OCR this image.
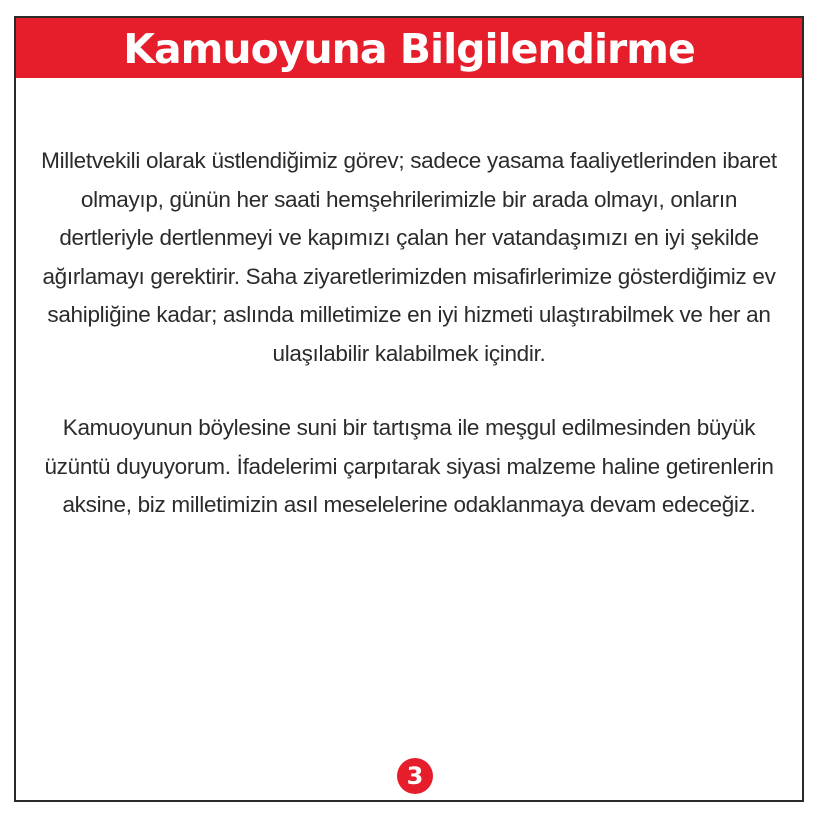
Kamuoyuna Bilgilendirme

Milletvekili olarak üstlendiğimiz görev; sadece yasama faaliyetlerinden ibaret olmayıp, günün her saati hemşehrilerimizle bir arada olmayı, onların dertleriyle dertlenmeyi ve kapımızı çalan her vatandaşımızı en iyi şekilde ağırlamayı gerektirir. Saha ziyaretlerimizden misafirlerimize gösterdiğimiz ev sahipliğine kadar; aslında milletimize en iyi hizmeti ulaştırabilmek ve her an ulaşılabilir kalabilmek içindir.

Kamuoyunun böylesine suni bir tartışma ile meşgul edilmesinden büyük üzüntü duyuyorum. İfadelerimi çarpıtarak siyasi malzeme haline getirenlerin aksine, biz milletimizin asıl meselelerine odaklanmaya devam edeceğiz.

3
